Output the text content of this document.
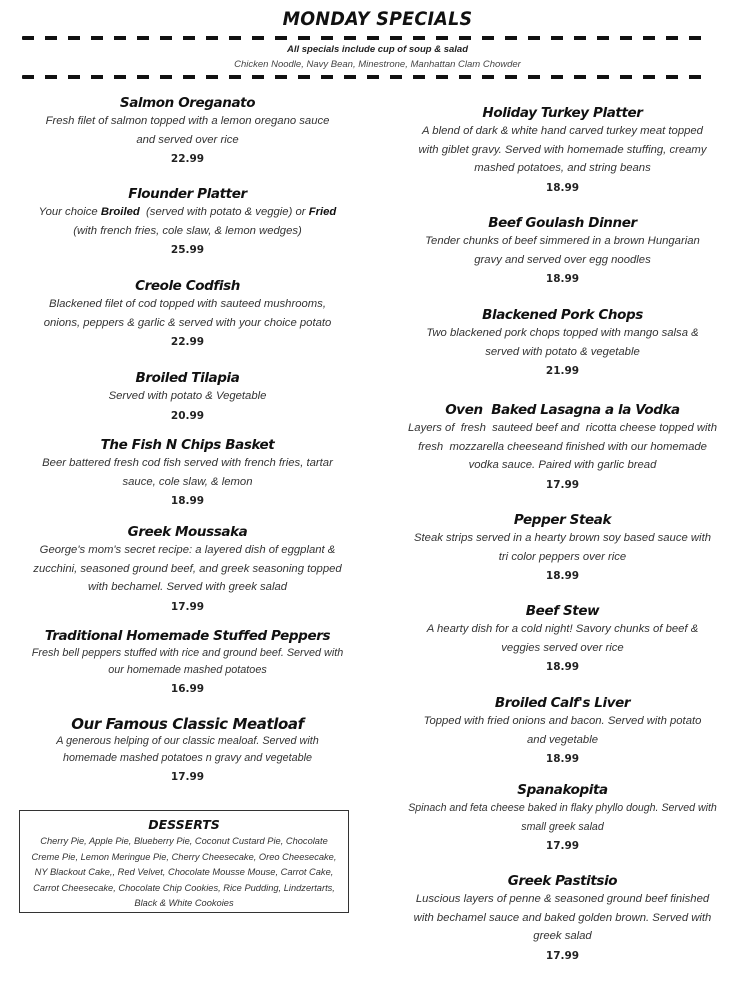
MONDAY SPECIALS
All specials include cup of soup & salad
Chicken Noodle, Navy Bean, Minestrone, Manhattan Clam Chowder
Salmon Oreganato
Fresh filet of salmon topped with a lemon oregano sauce
and served over rice
22.99
Flounder Platter
Your choice Broiled  (served with potato & veggie) or Fried
(with french fries, cole slaw, & lemon wedges)
25.99
Creole Codfish
Blackened filet of cod topped with sauteed mushrooms,
onions, peppers & garlic & served with your choice potato
22.99
Broiled Tilapia
Served with potato & Vegetable
20.99
The Fish N Chips Basket
Beer battered fresh cod fish served with french fries, tartar
sauce, cole slaw, & lemon
18.99
Greek Moussaka
George's mom's secret recipe: a layered dish of eggplant &
zucchini, seasoned ground beef, and greek seasoning topped
with bechamel. Served with greek salad
17.99
Traditional Homemade Stuffed Peppers
Fresh bell peppers stuffed with rice and ground beef. Served with
our homemade mashed potatoes
16.99
Our Famous Classic Meatloaf
A generous helping of our classic mealoaf. Served with
homemade mashed potatoes n gravy and vegetable
17.99
DESSERTS
Cherry Pie, Apple Pie, Blueberry Pie, Coconut Custard Pie, Chocolate
Creme Pie, Lemon Meringue Pie, Cherry Cheesecake, Oreo Cheesecake,
NY Blackout Cake,, Red Velvet, Chocolate Mousse Mouse, Carrot Cake,
Carrot Cheesecake, Chocolate Chip Cookies, Rice Pudding, Lindzertarts,
Black & White Cookoies
Holiday Turkey Platter
A blend of dark & white hand carved turkey meat topped
with giblet gravy. Served with homemade stuffing, creamy
mashed potatoes, and string beans
18.99
Beef Goulash Dinner
Tender chunks of beef simmered in a brown Hungarian
gravy and served over egg noodles
18.99
Blackened Pork Chops
Two blackened pork chops topped with mango salsa &
served with potato & vegetable
21.99
Oven  Baked Lasagna a la Vodka
Layers of  fresh  sauteed beef and  ricotta cheese topped with
fresh  mozzarella cheeseand finished with our homemade
vodka sauce. Paired with garlic bread
17.99
Pepper Steak
Steak strips served in a hearty brown soy based sauce with
tri color peppers over rice
18.99
Beef Stew
A hearty dish for a cold night! Savory chunks of beef &
veggies served over rice
18.99
Broiled Calf's Liver
Topped with fried onions and bacon. Served with potato
and vegetable
18.99
Spanakopita
Spinach and feta cheese baked in flaky phyllo dough. Served with
small greek salad
17.99
Greek Pastitsio
Luscious layers of penne & seasoned ground beef finished
with bechamel sauce and baked golden brown. Served with
greek salad
17.99
